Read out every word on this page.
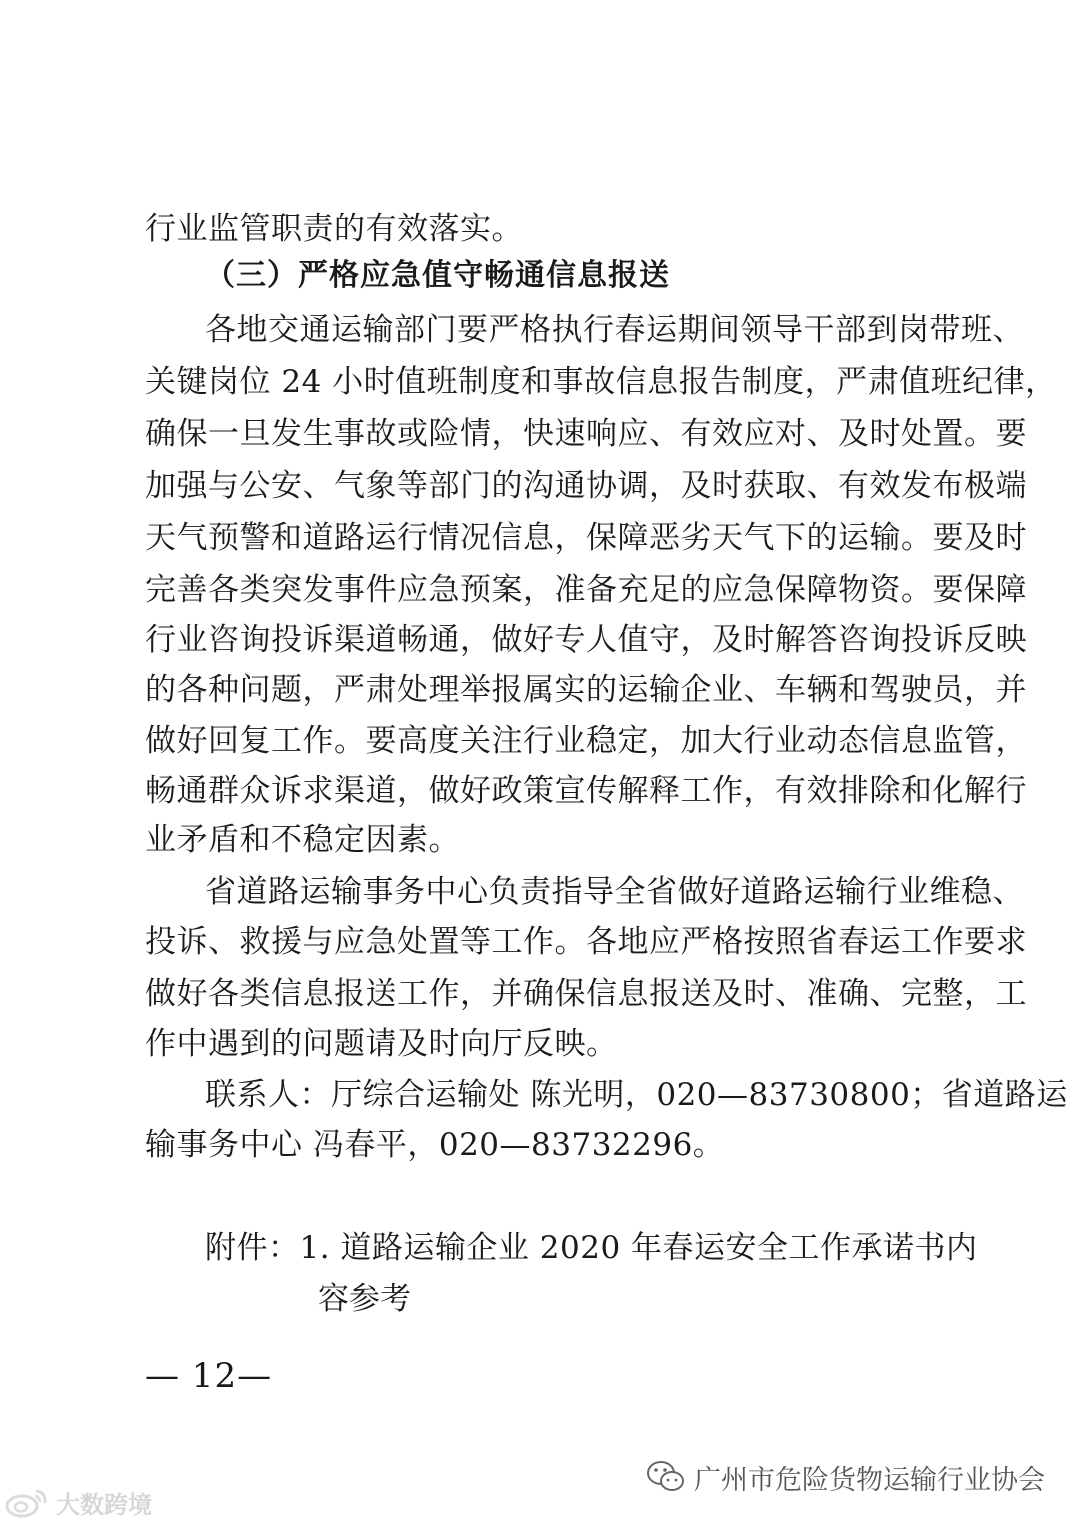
行业监管职责的有效落实。
（三）严格应急值守畅通信息报送
各地交通运输部门要严格执行春运期间领导干部到岗带班、
关键岗位 24 小时值班制度和事故信息报告制度，严肃值班纪律，
确保一旦发生事故或险情，快速响应、有效应对、及时处置。要
加强与公安、气象等部门的沟通协调，及时获取、有效发布极端
天气预警和道路运行情况信息，保障恶劣天气下的运输。要及时
完善各类突发事件应急预案，准备充足的应急保障物资。要保障
行业咨询投诉渠道畅通，做好专人值守，及时解答咨询投诉反映
的各种问题，严肃处理举报属实的运输企业、车辆和驾驶员，并
做好回复工作。要高度关注行业稳定，加大行业动态信息监管，
畅通群众诉求渠道，做好政策宣传解释工作，有效排除和化解行
业矛盾和不稳定因素。
省道路运输事务中心负责指导全省做好道路运输行业维稳、
投诉、救援与应急处置等工作。各地应严格按照省春运工作要求
做好各类信息报送工作，并确保信息报送及时、准确、完整，工
作中遇到的问题请及时向厅反映。
联系人：厅综合运输处 陈光明，020—83730800；省道路运
输事务中心 冯春平，020—83732296。
附件：1. 道路运输企业 2020 年春运安全工作承诺书内
容参考
— 12—
广州市危险货物运输行业协会
大数跨境
